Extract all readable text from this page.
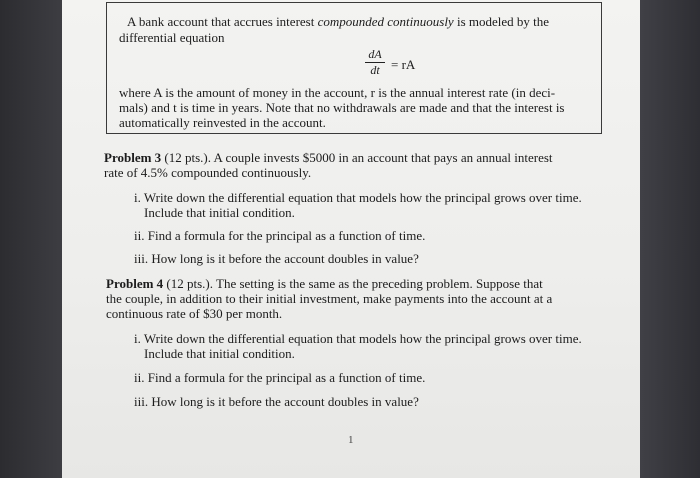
A bank account that accrues interest compounded continuously is modeled by the
differential equation
dA
dt = rA
where A is the amount of money in the account, r is the annual interest rate (in deci-
mals) and t is time in years. Note that no withdrawals are made and that the interest is
automatically reinvested in the account.
Problem 3 (12 pts.). A couple invests $5000 in an account that pays an annual interest
rate of 4.5% compounded continuously.
i. Write down the differential equation that models how the principal grows over time.
Include that initial condition.
ii. Find a formula for the principal as a function of time.
iii. How long is it before the account doubles in value?
Problem 4 (12 pts.). The setting is the same as the preceding problem. Suppose that
the couple, in addition to their initial investment, make payments into the account at a
continuous rate of $30 per month.
i. Write down the differential equation that models how the principal grows over time.
Include that initial condition.
ii. Find a formula for the principal as a function of time.
iii. How long is it before the account doubles in value?
1
